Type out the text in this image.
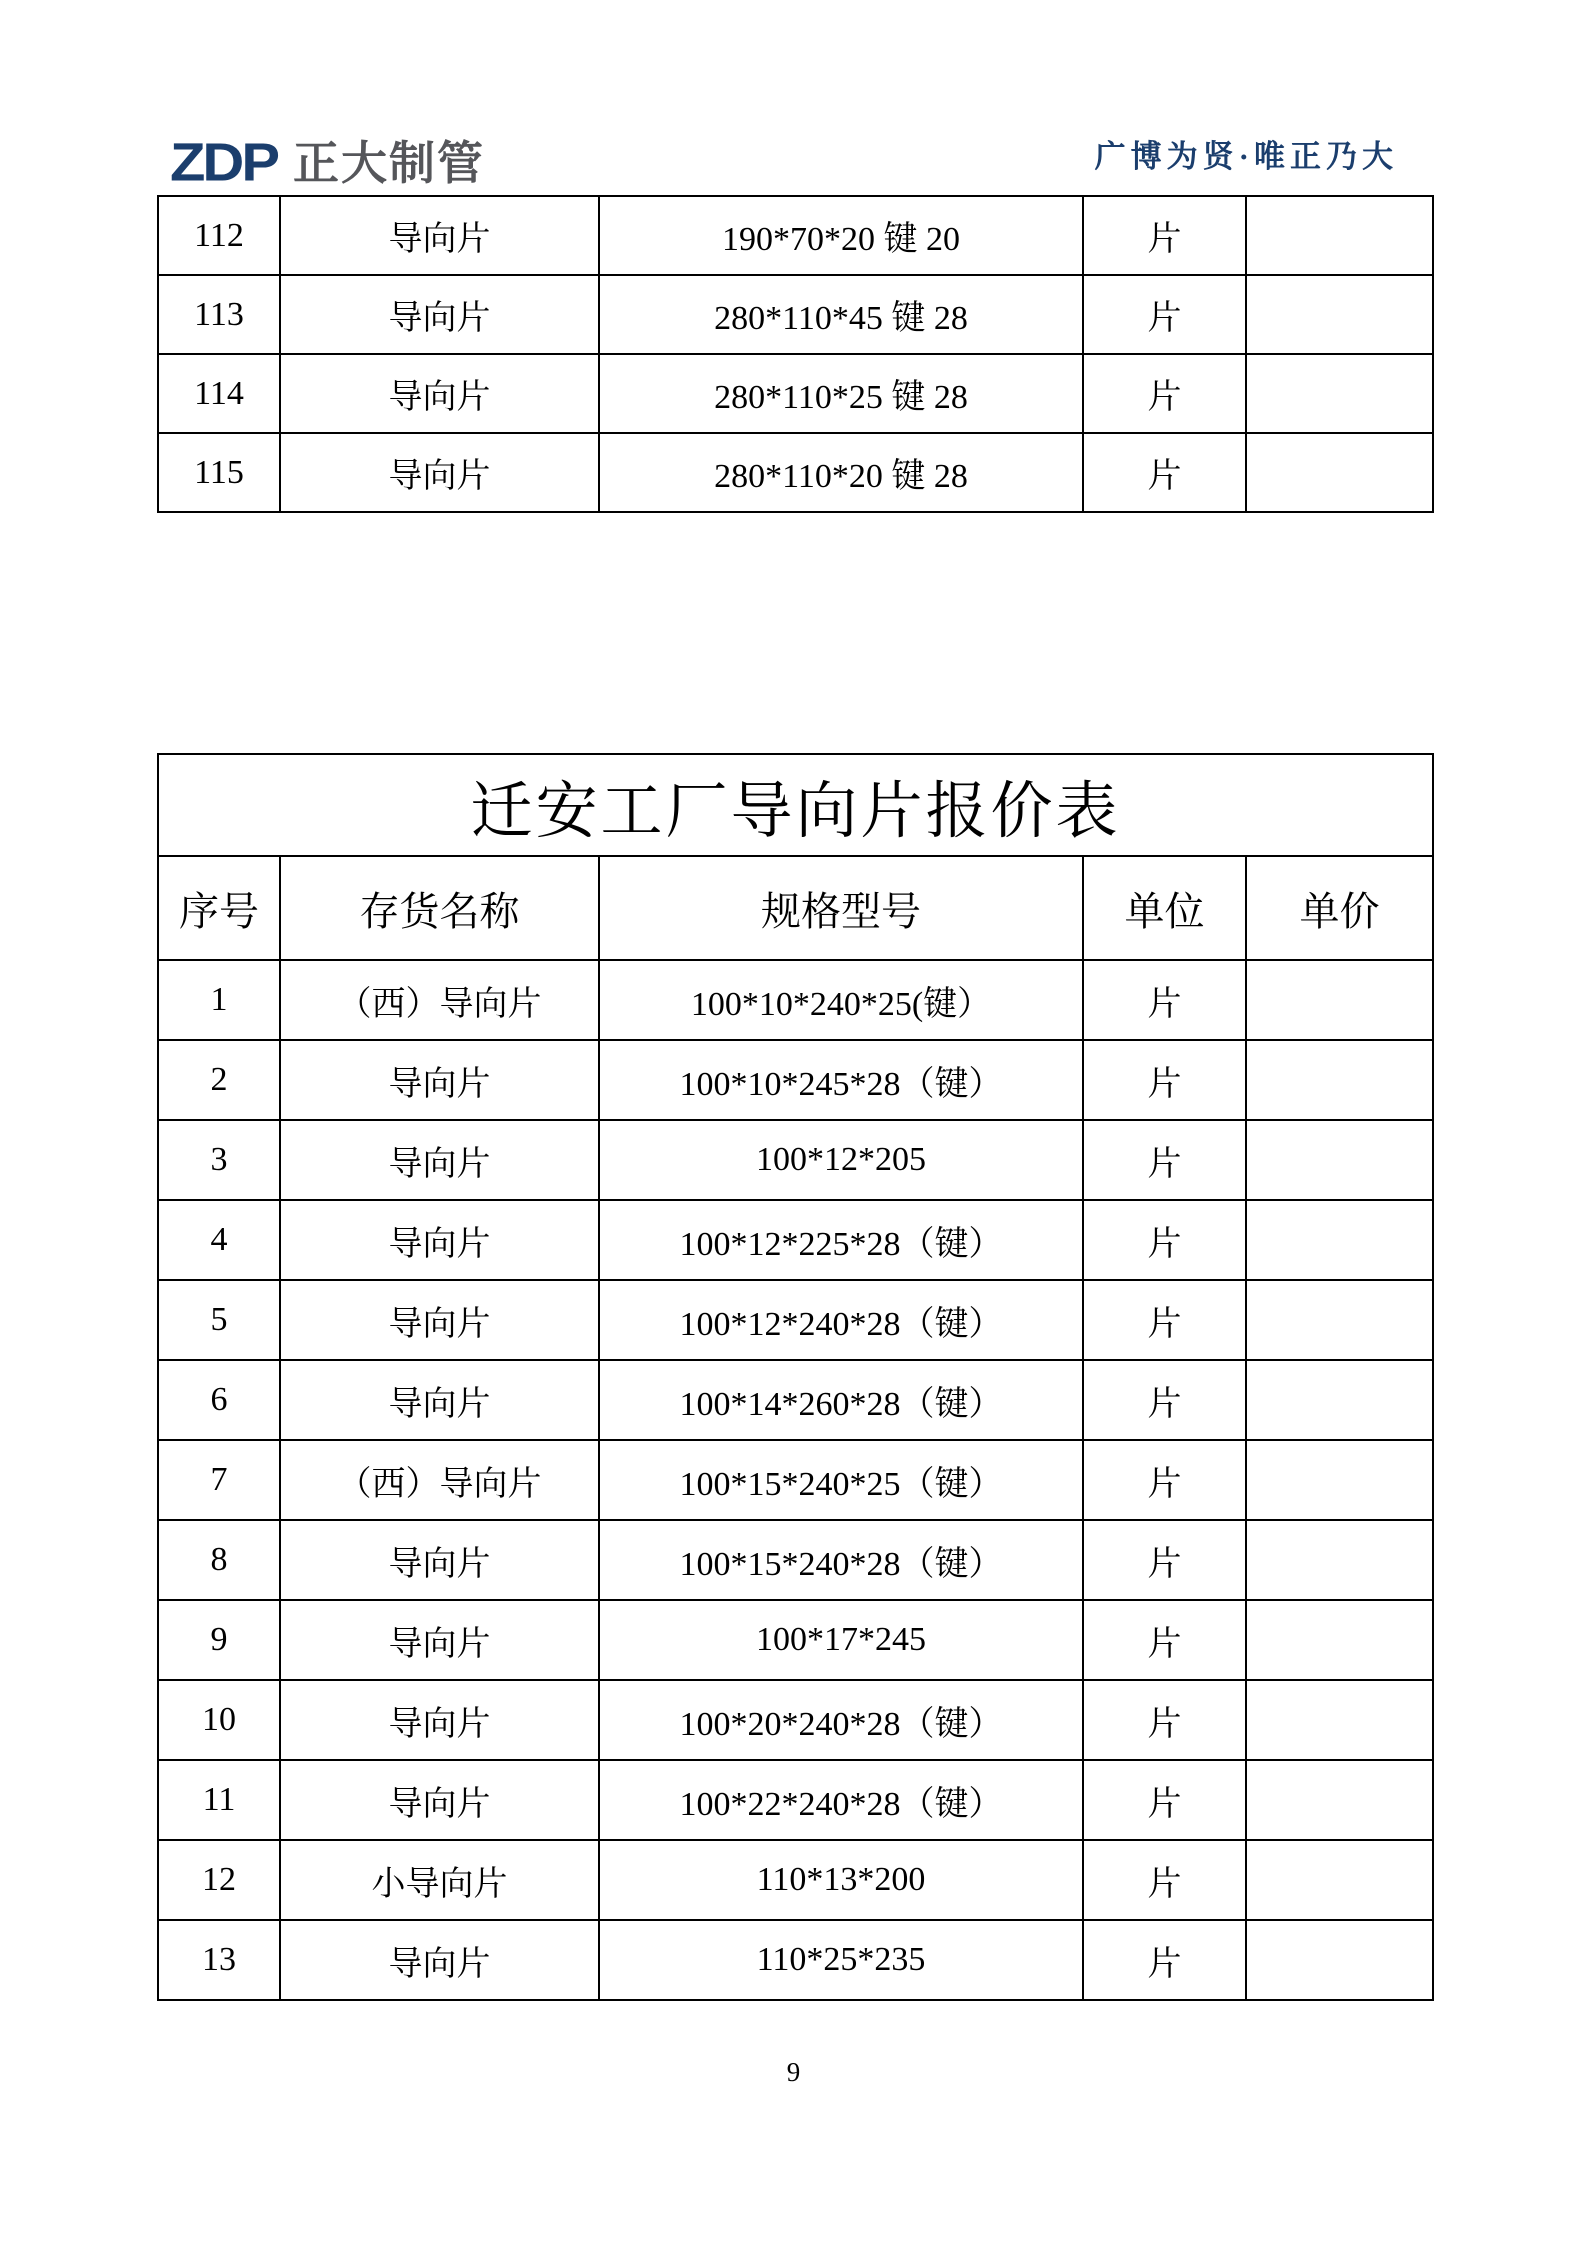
ZDP 正大制管	广博为贤·唯正乃大
112	导向片	190*70*20 键 20	片	
113	导向片	280*110*45 键 28	片	
114	导向片	280*110*25 键 28	片	
115	导向片	280*110*20 键 28	片	
迁安工厂导向片报价表				
序号	存货名称	规格型号	单位	单价
1	（西）导向片	100*10*240*25(键）	片	
2	导向片	100*10*245*28（键）	片	
3	导向片	100*12*205	片	
4	导向片	100*12*225*28（键）	片	
5	导向片	100*12*240*28（键）	片	
6	导向片	100*14*260*28（键）	片	
7	（西）导向片	100*15*240*25（键）	片	
8	导向片	100*15*240*28（键）	片	
9	导向片	100*17*245	片	
10	导向片	100*20*240*28（键）	片	
11	导向片	100*22*240*28（键）	片	
12	小导向片	110*13*200	片	
13	导向片	110*25*235	片	
9
